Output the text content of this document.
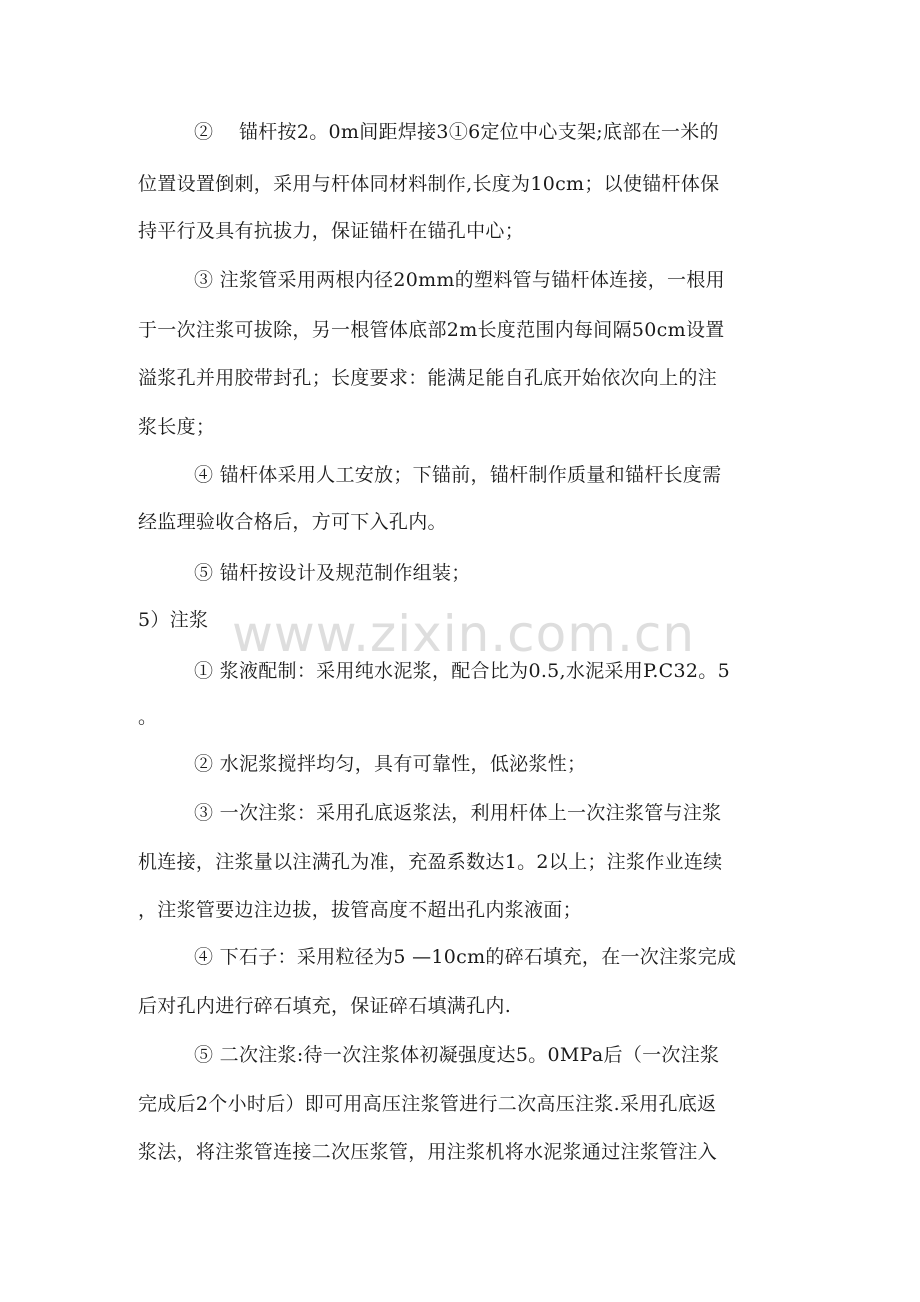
②　 锚杆按2。0m间距焊接3①6定位中心支架;底部在一米的
位置设置倒刺，采用与杆体同材料制作,长度为10cm；以使锚杆体保
持平行及具有抗拔力，保证锚杆在锚孔中心；
③ 注浆管采用两根内径20mm的塑料管与锚杆体连接，一根用
于一次注浆可拔除，另一根管体底部2m长度范围内每间隔50cm设置
溢浆孔并用胶带封孔；长度要求：能满足能自孔底开始依次向上的注
浆长度；
④ 锚杆体采用人工安放；下锚前，锚杆制作质量和锚杆长度需
经监理验收合格后，方可下入孔内。
⑤ 锚杆按设计及规范制作组装；
5）注浆
① 浆液配制：采用纯水泥浆，配合比为0.5,水泥采用P.C32。5
。
② 水泥浆搅拌均匀，具有可靠性，低泌浆性；
③ 一次注浆：采用孔底返浆法，利用杆体上一次注浆管与注浆
机连接，注浆量以注满孔为准，充盈系数达1。2以上；注浆作业连续
，注浆管要边注边拔，拔管高度不超出孔内浆液面；
④ 下石子：采用粒径为5 —10cm的碎石填充，在一次注浆完成
后对孔内进行碎石填充，保证碎石填满孔内.
⑤ 二次注浆:待一次注浆体初凝强度达5。0MPa后（一次注浆
完成后2个小时后）即可用高压注浆管进行二次高压注浆.采用孔底返
浆法，将注浆管连接二次压浆管，用注浆机将水泥浆通过注浆管注入
www.zixin.com.cn
